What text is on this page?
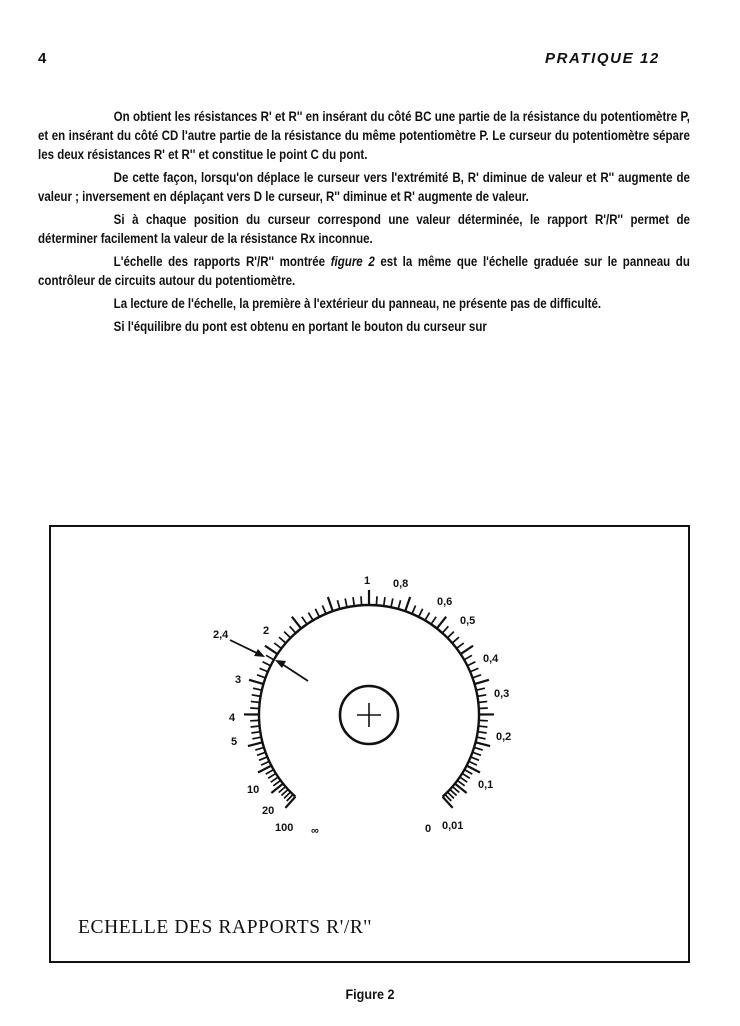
4	PRATIQUE 12

On obtient les résistances R' et R'' en insérant du côté BC une partie de la résistance du potentiomètre P, et en insérant du côté CD l'autre partie de la résistance du même potentiomètre P. Le curseur du potentiomètre sépare les deux résistances R' et R'' et constitue le point C du pont.

De cette façon, lorsqu'on déplace le curseur vers l'extrémité B, R' diminue de valeur et R'' augmente de valeur ; inversement en déplaçant vers D le curseur, R'' diminue et R' augmente de valeur.

Si à chaque position du curseur correspond une valeur déterminée, le rapport R'/R'' permet de déterminer facilement la valeur de la résistance Rx inconnue.

L'échelle des rapports R'/R'' montrée figure 2 est la même que l'échelle graduée sur le panneau du contrôleur de circuits autour du potentiomètre.

La lecture de l'échelle, la première à l'extérieur du panneau, ne présente pas de difficulté.

Si l'équilibre du pont est obtenu en portant le bouton du curseur sur

1 0,8
0,6
0,5
0,4
0,3
0,2
0,1
0,01
0
2
2,4
3
4
5
10
20
100 ∞
ECHELLE DES RAPPORTS R'/R''
Figure 2
